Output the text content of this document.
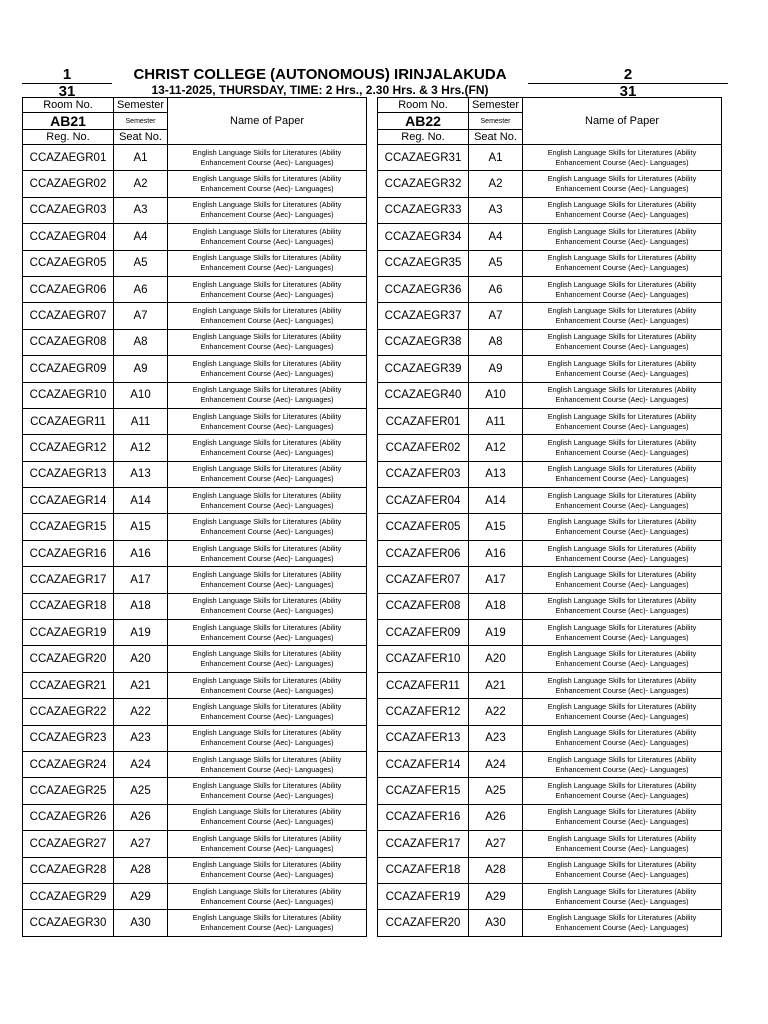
1	2
CHRIST COLLEGE (AUTONOMOUS) IRINJALAKUDA
31	31
13-11-2025, THURSDAY, TIME: 2 Hrs., 2.30 Hrs. & 3 Hrs.(FN)
Room No.	Semester	Name of Paper
AB21	Semester	
Reg. No.	Seat No.	
CCAZAEGR01	A1	English Language Skills for Literatures (Ability
Enhancement Course (Aec)- Languages)

CCAZAEGR02	A2	English Language Skills for Literatures (Ability
Enhancement Course (Aec)- Languages)

CCAZAEGR03	A3	English Language Skills for Literatures (Ability
Enhancement Course (Aec)- Languages)

CCAZAEGR04	A4	English Language Skills for Literatures (Ability
Enhancement Course (Aec)- Languages)

CCAZAEGR05	A5	English Language Skills for Literatures (Ability
Enhancement Course (Aec)- Languages)

CCAZAEGR06	A6	English Language Skills for Literatures (Ability
Enhancement Course (Aec)- Languages)

CCAZAEGR07	A7	English Language Skills for Literatures (Ability
Enhancement Course (Aec)- Languages)

CCAZAEGR08	A8	English Language Skills for Literatures (Ability
Enhancement Course (Aec)- Languages)

CCAZAEGR09	A9	English Language Skills for Literatures (Ability
Enhancement Course (Aec)- Languages)

CCAZAEGR10	A10	English Language Skills for Literatures (Ability
Enhancement Course (Aec)- Languages)

CCAZAEGR11	A11	English Language Skills for Literatures (Ability
Enhancement Course (Aec)- Languages)

CCAZAEGR12	A12	English Language Skills for Literatures (Ability
Enhancement Course (Aec)- Languages)

CCAZAEGR13	A13	English Language Skills for Literatures (Ability
Enhancement Course (Aec)- Languages)

CCAZAEGR14	A14	English Language Skills for Literatures (Ability
Enhancement Course (Aec)- Languages)

CCAZAEGR15	A15	English Language Skills for Literatures (Ability
Enhancement Course (Aec)- Languages)

CCAZAEGR16	A16	English Language Skills for Literatures (Ability
Enhancement Course (Aec)- Languages)

CCAZAEGR17	A17	English Language Skills for Literatures (Ability
Enhancement Course (Aec)- Languages)

CCAZAEGR18	A18	English Language Skills for Literatures (Ability
Enhancement Course (Aec)- Languages)

CCAZAEGR19	A19	English Language Skills for Literatures (Ability
Enhancement Course (Aec)- Languages)

CCAZAEGR20	A20	English Language Skills for Literatures (Ability
Enhancement Course (Aec)- Languages)

CCAZAEGR21	A21	English Language Skills for Literatures (Ability
Enhancement Course (Aec)- Languages)

CCAZAEGR22	A22	English Language Skills for Literatures (Ability
Enhancement Course (Aec)- Languages)

CCAZAEGR23	A23	English Language Skills for Literatures (Ability
Enhancement Course (Aec)- Languages)

CCAZAEGR24	A24	English Language Skills for Literatures (Ability
Enhancement Course (Aec)- Languages)

CCAZAEGR25	A25	English Language Skills for Literatures (Ability
Enhancement Course (Aec)- Languages)

CCAZAEGR26	A26	English Language Skills for Literatures (Ability
Enhancement Course (Aec)- Languages)

CCAZAEGR27	A27	English Language Skills for Literatures (Ability
Enhancement Course (Aec)- Languages)

CCAZAEGR28	A28	English Language Skills for Literatures (Ability
Enhancement Course (Aec)- Languages)

CCAZAEGR29	A29	English Language Skills for Literatures (Ability
Enhancement Course (Aec)- Languages)

CCAZAEGR30	A30	English Language Skills for Literatures (Ability
Enhancement Course (Aec)- Languages)
Room No.	Semester	Name of Paper
AB22	Semester	
Reg. No.	Seat No.	
CCAZAEGR31	A1	English Language Skills for Literatures (Ability
Enhancement Course (Aec)- Languages)

CCAZAEGR32	A2	English Language Skills for Literatures (Ability
Enhancement Course (Aec)- Languages)

CCAZAEGR33	A3	English Language Skills for Literatures (Ability
Enhancement Course (Aec)- Languages)

CCAZAEGR34	A4	English Language Skills for Literatures (Ability
Enhancement Course (Aec)- Languages)

CCAZAEGR35	A5	English Language Skills for Literatures (Ability
Enhancement Course (Aec)- Languages)

CCAZAEGR36	A6	English Language Skills for Literatures (Ability
Enhancement Course (Aec)- Languages)

CCAZAEGR37	A7	English Language Skills for Literatures (Ability
Enhancement Course (Aec)- Languages)

CCAZAEGR38	A8	English Language Skills for Literatures (Ability
Enhancement Course (Aec)- Languages)

CCAZAEGR39	A9	English Language Skills for Literatures (Ability
Enhancement Course (Aec)- Languages)

CCAZAEGR40	A10	English Language Skills for Literatures (Ability
Enhancement Course (Aec)- Languages)

CCAZAFER01	A11	English Language Skills for Literatures (Ability
Enhancement Course (Aec)- Languages)

CCAZAFER02	A12	English Language Skills for Literatures (Ability
Enhancement Course (Aec)- Languages)

CCAZAFER03	A13	English Language Skills for Literatures (Ability
Enhancement Course (Aec)- Languages)

CCAZAFER04	A14	English Language Skills for Literatures (Ability
Enhancement Course (Aec)- Languages)

CCAZAFER05	A15	English Language Skills for Literatures (Ability
Enhancement Course (Aec)- Languages)

CCAZAFER06	A16	English Language Skills for Literatures (Ability
Enhancement Course (Aec)- Languages)

CCAZAFER07	A17	English Language Skills for Literatures (Ability
Enhancement Course (Aec)- Languages)

CCAZAFER08	A18	English Language Skills for Literatures (Ability
Enhancement Course (Aec)- Languages)

CCAZAFER09	A19	English Language Skills for Literatures (Ability
Enhancement Course (Aec)- Languages)

CCAZAFER10	A20	English Language Skills for Literatures (Ability
Enhancement Course (Aec)- Languages)

CCAZAFER11	A21	English Language Skills for Literatures (Ability
Enhancement Course (Aec)- Languages)

CCAZAFER12	A22	English Language Skills for Literatures (Ability
Enhancement Course (Aec)- Languages)

CCAZAFER13	A23	English Language Skills for Literatures (Ability
Enhancement Course (Aec)- Languages)

CCAZAFER14	A24	English Language Skills for Literatures (Ability
Enhancement Course (Aec)- Languages)

CCAZAFER15	A25	English Language Skills for Literatures (Ability
Enhancement Course (Aec)- Languages)

CCAZAFER16	A26	English Language Skills for Literatures (Ability
Enhancement Course (Aec)- Languages)

CCAZAFER17	A27	English Language Skills for Literatures (Ability
Enhancement Course (Aec)- Languages)

CCAZAFER18	A28	English Language Skills for Literatures (Ability
Enhancement Course (Aec)- Languages)

CCAZAFER19	A29	English Language Skills for Literatures (Ability
Enhancement Course (Aec)- Languages)

CCAZAFER20	A30	English Language Skills for Literatures (Ability
Enhancement Course (Aec)- Languages)
